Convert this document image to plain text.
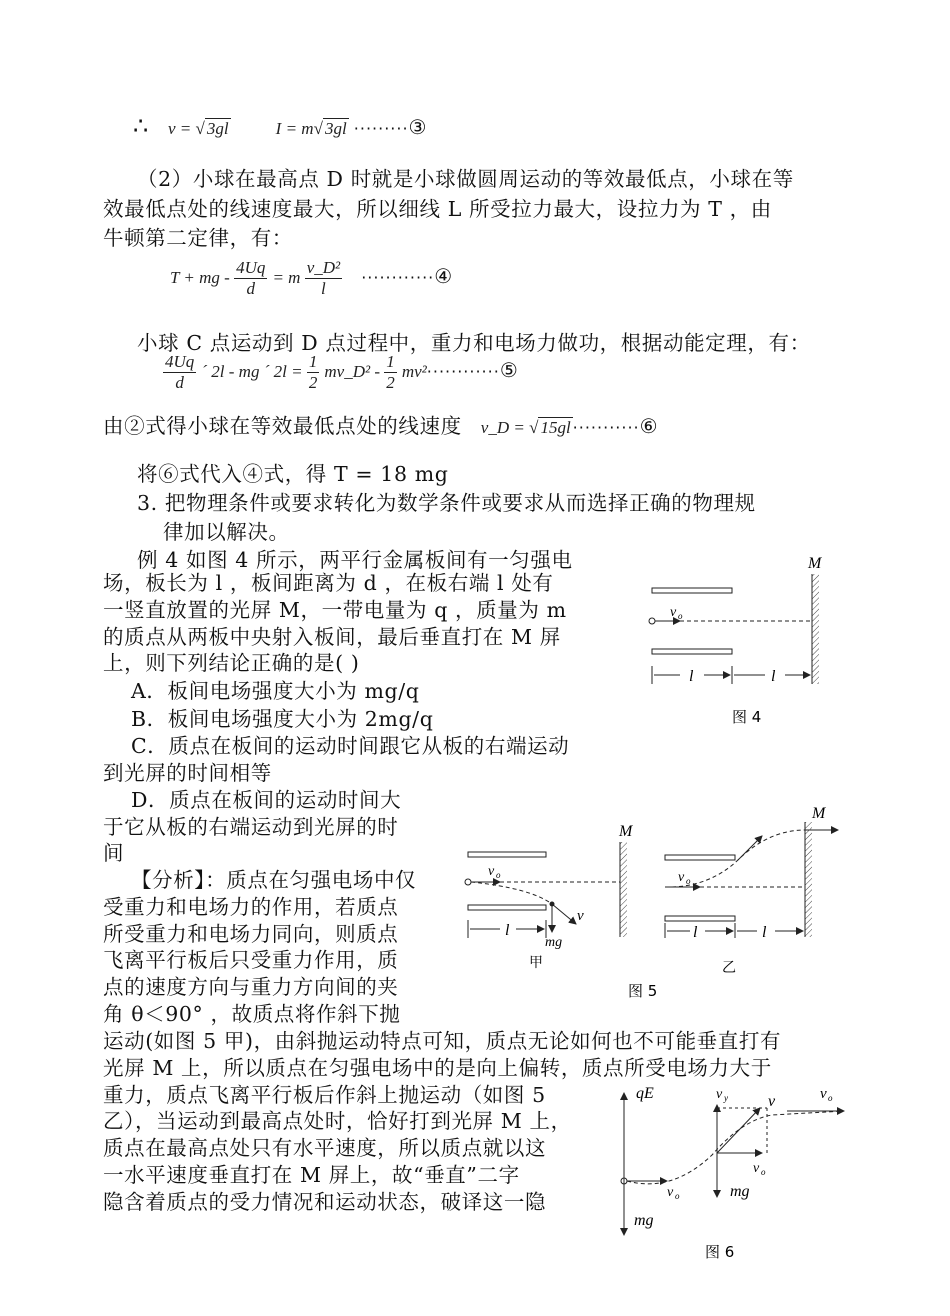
∴ v = √ 3gl	I = m√ 3gl ·········③
（2）小球在最高点 D 时就是小球做圆周运动的等效最低点，小球在等
效最低点处的线速度最大，所以细线 L 所受拉力最大，设拉力为 T ，由
牛顿第二定律，有：
T + mg - $\frac{4Uq}{d} = m \frac{\text{v\_D²}}{l}$ ············④
小球 C 点运动到 D 点过程中，重力和电场力做功，根据动能定理，有：
$\frac{4Uq}{d}$ ´ 2l - mg ´ $2l = \frac{1}{2}$ mv_D² - $\frac{1}{2}$ mv²············⑤
由②式得小球在等效最低点处的线速度 v_D = √ 15gl ···········⑥
将⑥式代入④式，得 T = 18 mg
3. 把物理条件或要求转化为数学条件或要求从而选择正确的物理规
律加以解决。
例 4 如图 4 所示，两平行金属板间有一匀强电
场，板长为 l ，板间距离为 d ，在板右端 l 处有
一竖直放置的光屏 M，一带电量为 q ，质量为 m
的质点从两板中央射入板间，最后垂直打在 M 屏
上，则下列结论正确的是( )
A．板间电场强度大小为 mg/q
B．板间电场强度大小为 2mg/q
C．质点在板间的运动时间跟它从板的右端运动
到光屏的时间相等
D．质点在板间的运动时间大
于它从板的右端运动到光屏的时
间
【分析】：质点在匀强电场中仅
受重力和电场力的作用，若质点
所受重力和电场力同向，则质点
飞离平行板后只受重力作用，质
点的速度方向与重力方向间的夹
角 θ＜90° ，故质点将作斜下抛
运动(如图 5 甲)，由斜抛运动特点可知，质点无论如何也不可能垂直打有
光屏 M 上，所以质点在匀强电场中的是向上偏转，质点所受电场力大于
重力，质点飞离平行板后作斜上抛运动（如图 5
乙），当运动到最高点处时，恰好打到光屏 M 上，
质点在最高点处只有水平速度，所以质点就以这
一水平速度垂直打在 M 屏上，故“垂直”二字
隐含着质点的受力情况和运动状态，破译这一隐
M
v o
l	l
图 4
M
v o
v
mg
l
甲
M
v o
l	l
乙
图 5
qE
mg
v y	v	v o
v o
mg
v o
图 6
